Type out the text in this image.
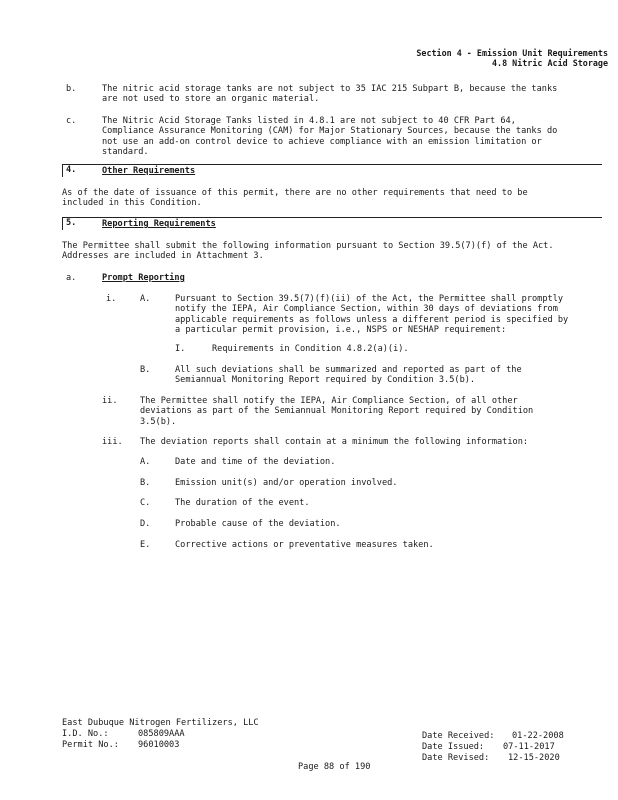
Section 4 - Emission Unit Requirements
4.8 Nitric Acid Storage
b.	The nitric acid storage tanks are not subject to 35 IAC 215 Subpart B, because the tanks
are not used to store an organic material.
c.	The Nitric Acid Storage Tanks listed in 4.8.1 are not subject to 40 CFR Part 64,
Compliance Assurance Monitoring (CAM) for Major Stationary Sources, because the tanks do
not use an add-on control device to achieve compliance with an emission limitation or
standard.
4.	Other Requirements
As of the date of issuance of this permit, there are no other requirements that need to be
included in this Condition.
5.	Reporting Requirements
The Permittee shall submit the following information pursuant to Section 39.5(7)(f) of the Act.
Addresses are included in Attachment 3.
a.	Prompt Reporting
i.	A.	Pursuant to Section 39.5(7)(f)(ii) of the Act, the Permittee shall promptly
notify the IEPA, Air Compliance Section, within 30 days of deviations from
applicable requirements as follows unless a different period is specified by
a particular permit provision, i.e., NSPS or NESHAP requirement:
I.	Requirements in Condition 4.8.2(a)(i).
B.	All such deviations shall be summarized and reported as part of the
Semiannual Monitoring Report required by Condition 3.5(b).
ii.	The Permittee shall notify the IEPA, Air Compliance Section, of all other
deviations as part of the Semiannual Monitoring Report required by Condition
3.5(b).
iii. The deviation reports shall contain at a minimum the following information:
A.	Date and time of the deviation.
B.	Emission unit(s) and/or operation involved.
C.	The duration of the event.
D.	Probable cause of the deviation.
E.	Corrective actions or preventative measures taken.
East Dubuque Nitrogen Fertilizers, LLC
I.D. No.:	085809AAA
Permit No.: 96010003
Date Received: 01-22-2008
Date Issued: 07-11-2017
Date Revised: 12-15-2020
Page 88 of 190
